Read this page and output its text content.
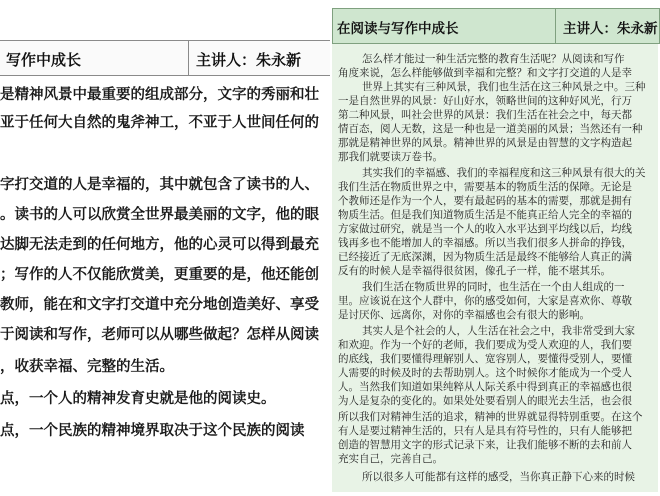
写作中成长	主讲人：朱永新
是精神风景中最重要的组成部分，文字的秀丽和壮
亚于任何大自然的鬼斧神工，不亚于人世间任何的
字打交道的人是幸福的，其中就包含了读书的人、
。读书的人可以欣赏全世界最美丽的文字，他的眼
达脚无法走到的任何地方，他的心灵可以得到最充
；写作的人不仅能欣赏美，更重要的是，他还能创
教师，能在和文字打交道中充分地创造美好、享受
于阅读和写作，老师可以从哪些做起？怎样从阅读
，收获幸福、完整的生活。
点，一个人的精神发育史就是他的阅读史。
点，一个民族的精神境界取决于这个民族的阅读
在阅读与写作中成长	主讲人：朱永新
怎么样才能过一种生活完整的教育生活呢？从阅读和写作
角度来说，怎么样能够做到幸福和完整？和文字打交道的人是幸
世界上其实有三种风景，我们也生活在这三种风景之中。三种
一是自然世界的风景：好山好水，领略世间的这种好风光，行万
第二种风景，叫社会世界的风景：我们生活在社会之中，每天都
情百态，阅人无数，这是一种也是一道美丽的风景；当然还有一种
那就是精神世界的风景。精神世界的风景是由智慧的文字构造起
那我们就要读万卷书。
其实我们的幸福感、我们的幸福程度和这三种风景有很大的关
我们生活在物质世界之中，需要基本的物质生活的保障。无论是
个教师还是作为一个人，要有最起码的基本的需要，那就是拥有
物质生活。但是我们知道物质生活是不能真正给人完全的幸福的
方家做过研究，就是当一个人的收入水平达到平均线以后，均线
钱再多也不能增加人的幸福感。所以当我们很多人拼命的挣钱，
已经接近了无底深渊，因为物质生活是最终不能够给人真正的满
反有的时候人是幸福得很贫困，像孔子一样，能不堪其乐。
我们生活在物质世界的同时，也生活在一个由人组成的一
里。应该说在这个人群中，你的感受如何，大家是喜欢你、尊敬
是讨厌你、远离你，对你的幸福感也会有很大的影响。
其实人是个社会的人，人生活在社会之中，我非常受到大家
和欢迎。作为一个好的老师，我们要成为受人欢迎的人，我们要
的底线，我们要懂得理解别人、宽容别人，要懂得受别人，要懂
人需要的时候及时的去帮助别人。这个时候你才能成为一个受人
人。当然我们知道如果纯粹从人际关系中得到真正的幸福感也很
为人是复杂的变化的。如果处处要看别人的眼光去生活，也会很
所以我们对精神生活的追求，精神的世界就显得特别重要。在这个
有人是要过精神生活的，只有人是具有符号性的，只有人能够把
创造的智慧用文字的形式记录下来，让我们能够不断的去和前人
充实自己，完善自己。
所以很多人可能都有这样的感受，当你真正静下心来的时候
